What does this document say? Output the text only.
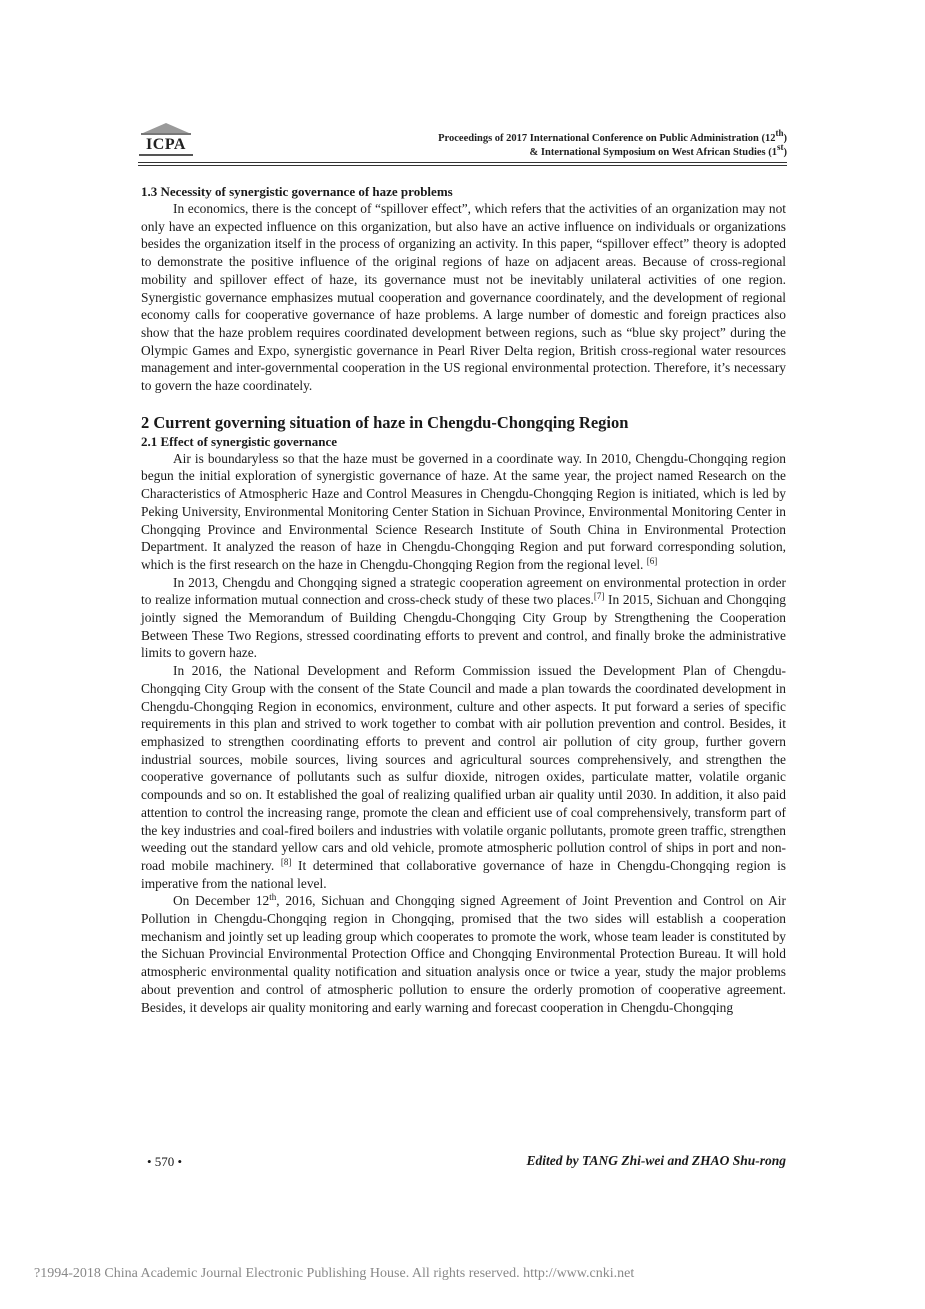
ICPA	Proceedings of 2017 International Conference on Public Administration (12th)
& International Symposium on West African Studies (1st)
1.3 Necessity of synergistic governance of haze problems

In economics, there is the concept of “spillover effect”, which refers that the activities of an organization may not only have an expected influence on this organization, but also have an active influence on individuals or organizations besides the organization itself in the process of organizing an activity. In this paper, “spillover effect” theory is adopted to demonstrate the positive influence of the original regions of haze on adjacent areas. Because of cross-regional mobility and spillover effect of haze, its governance must not be inevitably unilateral activities of one region. Synergistic governance emphasizes mutual cooperation and governance coordinately, and the development of regional economy calls for cooperative governance of haze problems. A large number of domestic and foreign practices also show that the haze problem requires coordinated development between regions, such as “blue sky project” during the Olympic Games and Expo, synergistic governance in Pearl River Delta region, British cross-regional water resources management and inter-governmental cooperation in the US regional environmental protection. Therefore, it’s necessary to govern the haze coordinately.

2 Current governing situation of haze in Chengdu-Chongqing Region
2.1 Effect of synergistic governance

Air is boundaryless so that the haze must be governed in a coordinate way. In 2010, Chengdu-Chongqing region begun the initial exploration of synergistic governance of haze. At the same year, the project named Research on the Characteristics of Atmospheric Haze and Control Measures in Chengdu-Chongqing Region is initiated, which is led by Peking University, Environmental Monitoring Center Station in Sichuan Province, Environmental Monitoring Center in Chongqing Province and Environmental Science Research Institute of South China in Environmental Protection Department. It analyzed the reason of haze in Chengdu-Chongqing Region and put forward corresponding solution, which is the first research on the haze in Chengdu-Chongqing Region from the regional level. [6]

In 2013, Chengdu and Chongqing signed a strategic cooperation agreement on environmental protection in order to realize information mutual connection and cross-check study of these two places.[7] In 2015, Sichuan and Chongqing jointly signed the Memorandum of Building Chengdu-Chongqing City Group by Strengthening the Cooperation Between These Two Regions, stressed coordinating efforts to prevent and control, and finally broke the administrative limits to govern haze.

In 2016, the National Development and Reform Commission issued the Development Plan of Chengdu-Chongqing City Group with the consent of the State Council and made a plan towards the coordinated development in Chengdu-Chongqing Region in economics, environment, culture and other aspects. It put forward a series of specific requirements in this plan and strived to work together to combat with air pollution prevention and control. Besides, it emphasized to strengthen coordinating efforts to prevent and control air pollution of city group, further govern industrial sources, mobile sources, living sources and agricultural sources comprehensively, and strengthen the cooperative governance of pollutants such as sulfur dioxide, nitrogen oxides, particulate matter, volatile organic compounds and so on. It established the goal of realizing qualified urban air quality until 2030. In addition, it also paid attention to control the increasing range, promote the clean and efficient use of coal comprehensively, transform part of the key industries and coal-fired boilers and industries with volatile organic pollutants, promote green traffic, strengthen weeding out the standard yellow cars and old vehicle, promote atmospheric pollution control of ships in port and non-road mobile machinery. [8] It determined that collaborative governance of haze in Chengdu-Chongqing region is imperative from the national level.

On December 12th, 2016, Sichuan and Chongqing signed Agreement of Joint Prevention and Control on Air Pollution in Chengdu-Chongqing region in Chongqing, promised that the two sides will establish a cooperation mechanism and jointly set up leading group which cooperates to promote the work, whose team leader is constituted by the Sichuan Provincial Environmental Protection Office and Chongqing Environmental Protection Bureau. It will hold atmospheric environmental quality notification and situation analysis once or twice a year, study the major problems about prevention and control of atmospheric pollution to ensure the orderly promotion of cooperative agreement. Besides, it develops air quality monitoring and early warning and forecast cooperation in Chengdu-Chongqing

• 570 •	Edited by TANG Zhi-wei and ZHAO Shu-rong
?1994-2018 China Academic Journal Electronic Publishing House. All rights reserved. http://www.cnki.net
